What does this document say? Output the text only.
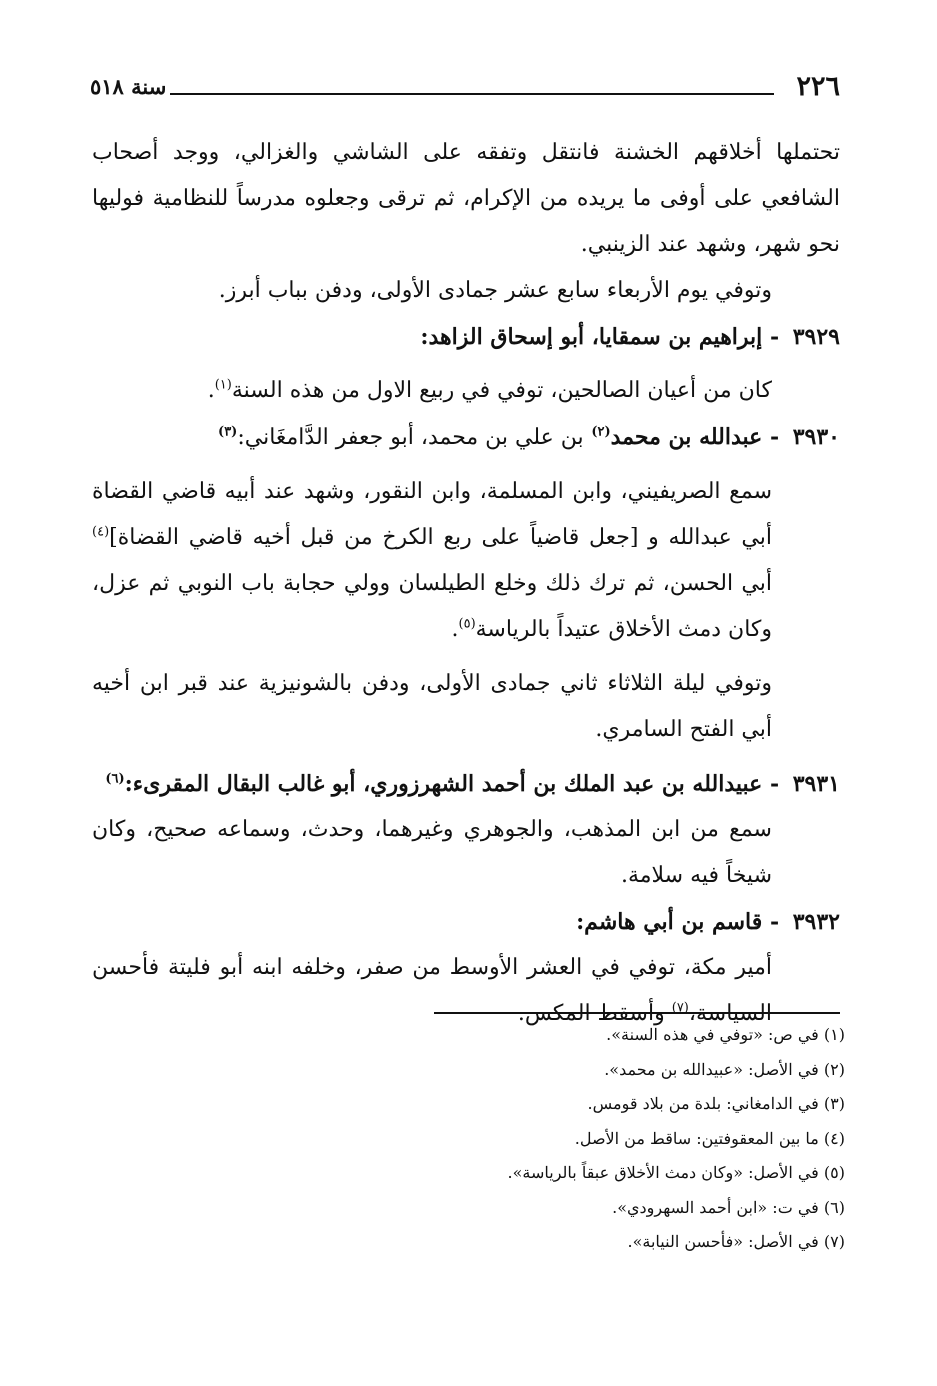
٢٢٦
سنة ٥١٨

تحتملها أخلاقهم الخشنة فانتقل وتفقه على الشاشي والغزالي، ووجد أصحاب الشافعي على أوفى ما يريده من الإكرام، ثم ترقى وجعلوه مدرساً للنظامية فوليها نحو شهر، وشهد عند الزينبي.

وتوفي يوم الأربعاء سابع عشر جمادى الأولى، ودفن بباب أبرز.

٣٩٢٩ - إبراهيم بن سمقايا، أبو إسحاق الزاهد:

كان من أعيان الصالحين، توفي في ربيع الاول من هذه السنة$^{(١)}$.

٣٩٣٠ - عبدالله بن محمد$^{(٢)}$ بن علي بن محمد، أبو جعفر الدَّامغَاني:$^{(٣)}$

سمع الصريفيني، وابن المسلمة، وابن النقور، وشهد عند أبيه قاضي القضاة أبي عبدالله و [جعل قاضياً على ربع الكرخ من قبل أخيه قاضي القضاة]$^{(٤)}$ أبي الحسن، ثم ترك ذلك وخلع الطيلسان وولي حجابة باب النوبي ثم عزل، وكان دمث الأخلاق عتيداً بالرياسة$^{(٥)}$.

وتوفي ليلة الثلاثاء ثاني جمادى الأولى، ودفن بالشونيزية عند قبر ابن أخيه أبي الفتح السامري.

٣٩٣١ - عبيدالله بن عبد الملك بن أحمد الشهرزوري، أبو غالب البقال المقرىء:$^{(٦)}$

سمع من ابن المذهب، والجوهري وغيرهما، وحدث، وسماعه صحيح، وكان شيخاً فيه سلامة.

٣٩٣٢ - قاسم بن أبي هاشم:

أمير مكة، توفي في العشر الأوسط من صفر، وخلفه ابنه أبو فليتة فأحسن السياسة،$^{(٧)}$ وأسقط المكس.

(١) في ص: «توفي في هذه السنة».
(٢) في الأصل: «عبيدالله بن محمد».
(٣) في الدامغاني: بلدة من بلاد قومس.
(٤) ما بين المعقوفتين: ساقط من الأصل.
(٥) في الأصل: «وكان دمث الأخلاق عبقاً بالرياسة».
(٦) في ت: «ابن أحمد السهرودي».
(٧) في الأصل: «فأحسن النيابة».
